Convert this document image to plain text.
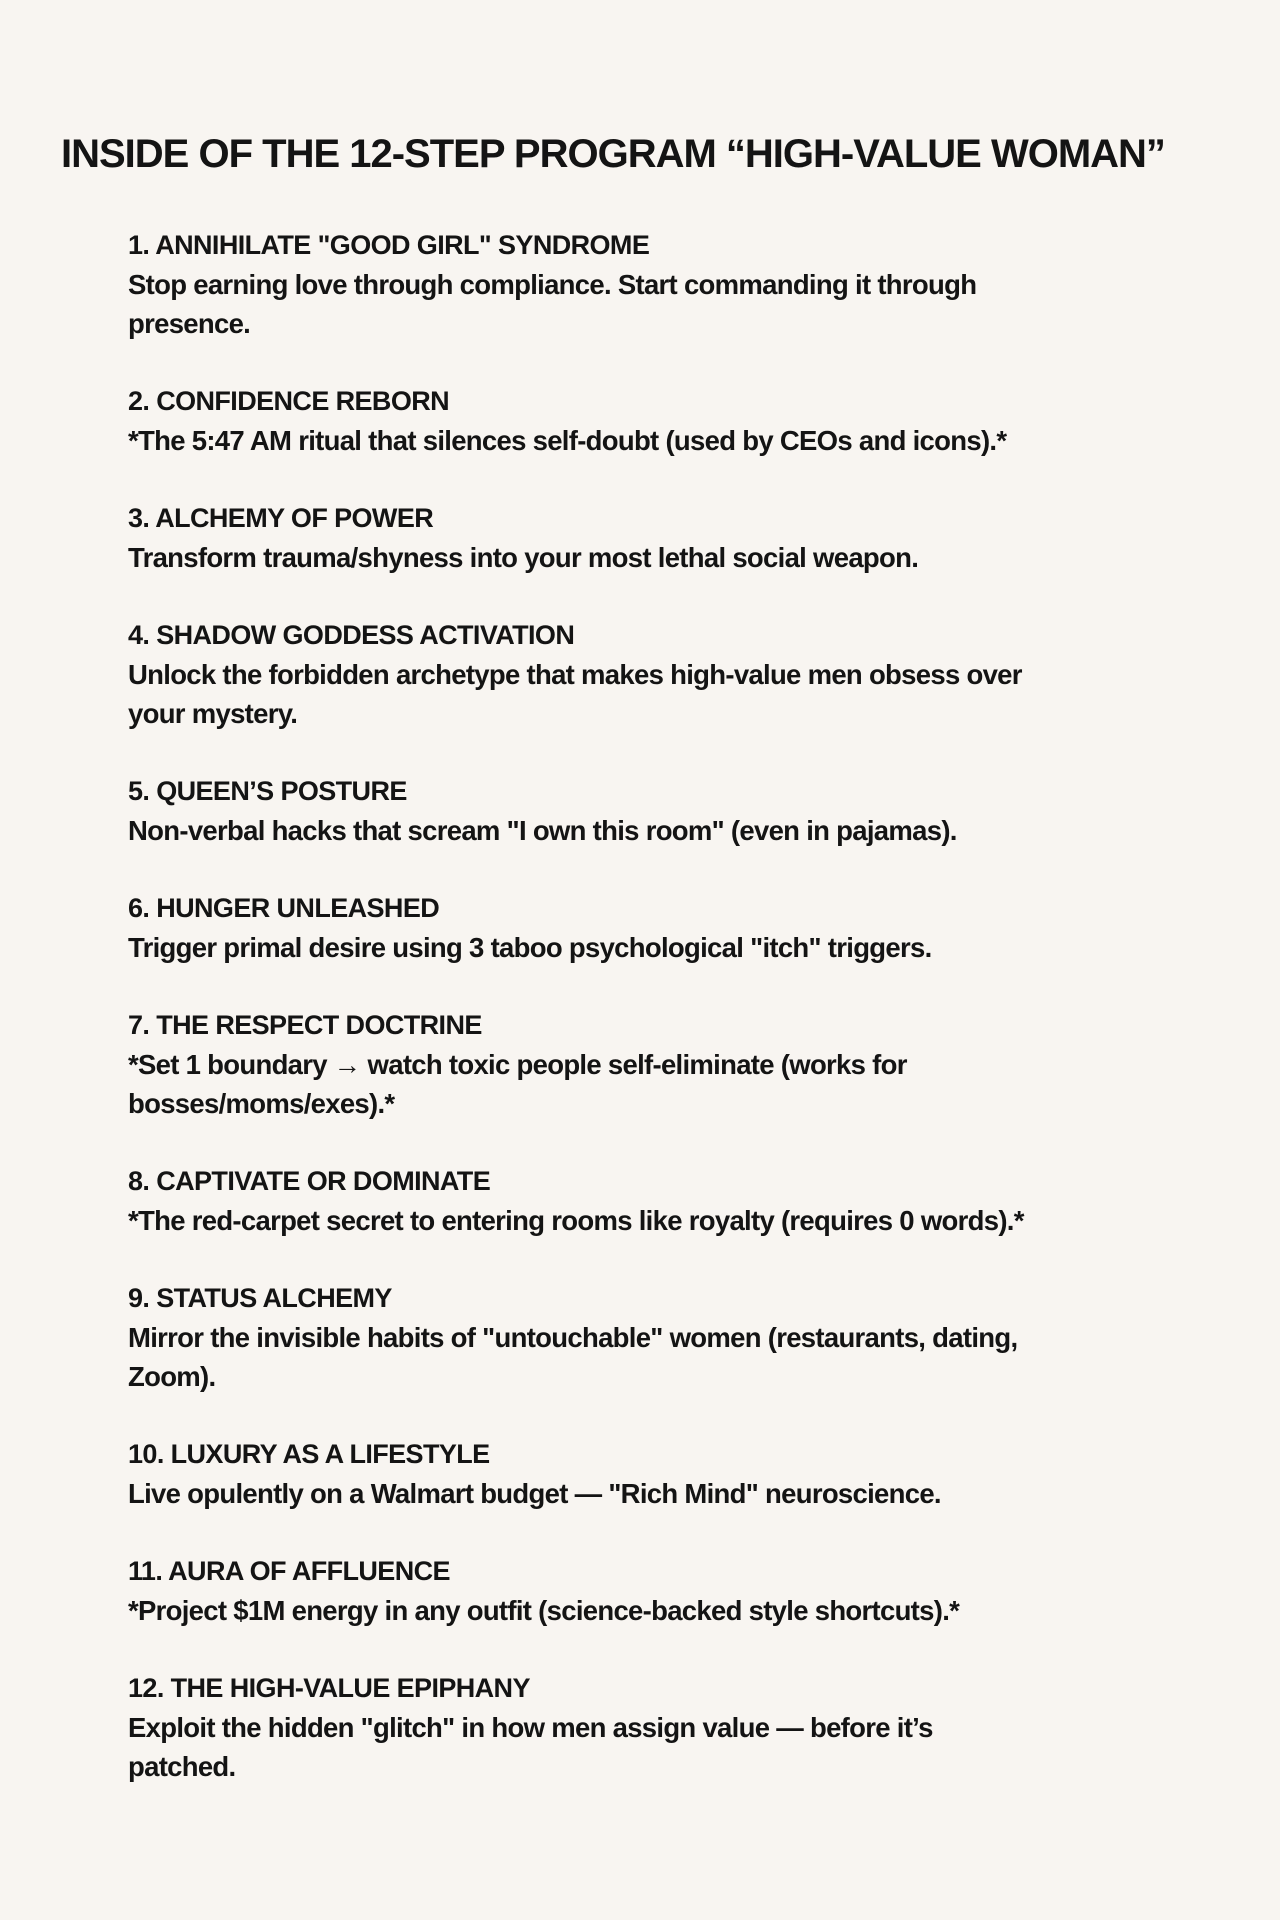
INSIDE OF THE 12-STEP PROGRAM “HIGH-VALUE WOMAN”
1. ANNIHILATE "GOOD GIRL" SYNDROME
Stop earning love through compliance. Start commanding it through presence.
2. CONFIDENCE REBORN
*The 5:47 AM ritual that silences self-doubt (used by CEOs and icons).*
3. ALCHEMY OF POWER
Transform trauma/shyness into your most lethal social weapon.
4. SHADOW GODDESS ACTIVATION
Unlock the forbidden archetype that makes high-value men obsess over your mystery.
5. QUEEN’S POSTURE
Non-verbal hacks that scream "I own this room" (even in pajamas).
6. HUNGER UNLEASHED
Trigger primal desire using 3 taboo psychological "itch" triggers.
7. THE RESPECT DOCTRINE
*Set 1 boundary → watch toxic people self-eliminate (works for bosses/moms/exes).*
8. CAPTIVATE OR DOMINATE
*The red-carpet secret to entering rooms like royalty (requires 0 words).*
9. STATUS ALCHEMY
Mirror the invisible habits of "untouchable" women (restaurants, dating, Zoom).
10. LUXURY AS A LIFESTYLE
Live opulently on a Walmart budget — "Rich Mind" neuroscience.
11. AURA OF AFFLUENCE
*Project $1M energy in any outfit (science-backed style shortcuts).*
12. THE HIGH-VALUE EPIPHANY
Exploit the hidden "glitch" in how men assign value — before it’s patched.
